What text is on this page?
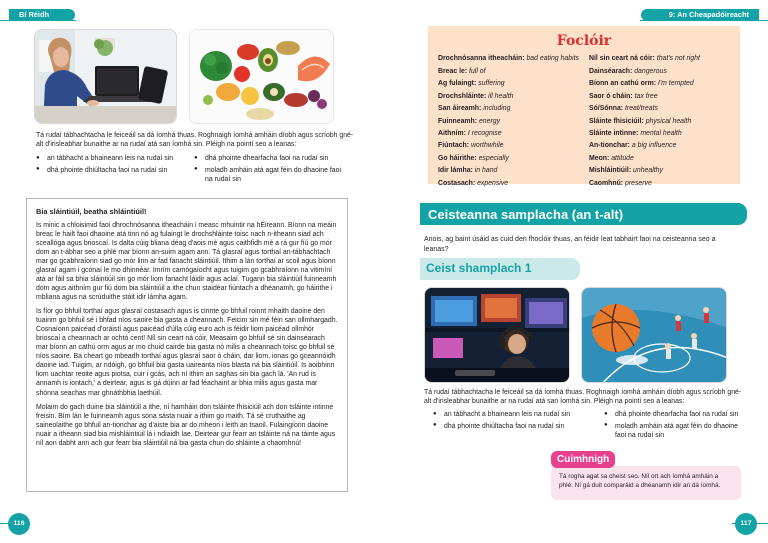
Bí Réidh	9: An Cheapadóireacht
Tá rudaí tábhachtacha le feiceáil sa dá íomhá thuas. Roghnaigh íomhá amháin díobh agus scríobh gné-alt d'irisleabhar bunaithe ar na rudaí atá san íomhá sin. Pléigh na pointí seo a leanas:
● an tábhacht a bhaineann leis na rudaí sin
● dhá phointe dhiúltacha faoi na rudaí sin
● dhá phointe dhearfacha faoi na rudaí sin
● moladh amháin atá agat féin do dhaoine faoi na rudaí sin
Bia sláintiúil, beatha shláintiúil!

Is minic a chloisimid faoi dhrochnósanna itheacháin i measc mhuintir na hÉireann. Bíonn na meáin breac le hailt faoi dhaoine atá tinn nó ag fulaingt le drochshláinte toisc nach n-itheann siad ach sceallóga agus brioscaí. Is dalta cúig bliana déag d'aois mé agus caithfidh mé a rá gur fíú go mór dom an t-ábhar seo a phlé mar bíonn an-suim agam ann. Tá glasraí agus torthaí an-tábhachtach mar go gcabhraíonn siad go mór linn ar fad fanacht sláintiúil. Ithim a lán torthaí ar scoil agus bíonn glasraí agam i gcónaí le mo dhinnéar. Imrím camógaíocht agus tuigim go gcabhraíonn na vitimíní atá ar fáil sa bhia sláintiúil sin go mór liom fanacht láidir agus aclaí. Tugann bia sláintiúil fuinneamh dom agus aithním gur fiú dom bia sláintiúil a ithe chun staidéar fiúntach a dhéanamh, go háirithe i mbliana agus na scrúduithe stáit idir lámha agam.

Is fíor go bhfuil torthaí agus glasraí costasach agus is cinnte go bhfuil roinnt mhaith daoine den tuairim go bhfuil sé i bhfad níos saoire bia gasta a cheannach. Feicim sin mé féin san ollmhargadh. Cosnaíonn paicéad d'oráistí agus paicéad d'úlla cúig euro ach is féidir liom paicéad ollmhór brioscaí a cheannach ar ochtó cent! Níl sin ceart ná cóir. Measaim go bhfuil sé sin dainséarach mar bíonn an cathú orm agus ar mo chuid cairde bia gasta nó milis a cheannach toisc go bhfuil sé níos saoire. Ba cheart go mbeadh torthaí agus glasraí saor ó cháin, dar liom, ionas go gceannóidh daoine iad. Tuigim, ar ndóigh, go bhfuil bia gasta uaireanta níos blasta ná bia sláintiúil. Is aoibhinn liom uachtar reoite agus piotsa, cuir i gcás, ach ní ithim an saghas sin bia gach lá. 'An rud is annamh is iontach,' a deirtear, agus is gá dúinn ar fad féachaint ar bhia milis agus gasta mar shónna seachas mar ghnáthbhia laethúil.

Molaim do gach duine bia sláintiúil a ithe, ní hamháin don tsláinte fhisiciúil ach don tsláinte intinne freisin. Bím lán le fuinneamh agus sona sásta nuair a ithim go maith. Tá sé cruthaithe ag saineolaithe go bhfuil an-tionchar ag d'aiste bia ar do mheon i leith an tsaoil. Fulaingíonn daoine nuair a itheann siad bia mishláintiúil lá i ndiaidh lae. Deirtear gur fearr an tsláinte ná na táinte agus níl aon dabht ann ach gur fearr bia sláintiúil ná bia gasta chun do shláinte a chaomhnú!

116	117
Foclóir
Drochnósanna itheacháin: bad eating habits
Breac le: full of
Ag fulaingt: suffering
Drochshláinte: ill health
San áireamh: including
Fuinneamh: energy
Aithním: I recognise
Fiúntach: worthwhile
Go háirithe: especially
Idir lámha: in hand
Costasach: expensive
Níl sin ceart ná cóir: that's not right
Dainséarach: dangerous
Bíonn an cathú orm: I'm tempted
Saor ó cháin: tax free
Só/Sónna: treat/treats
Sláinte fhisiciúil: physical health
Sláinte intinne: mental health
An-tionchar: a big influence
Meon: attitude
Mishláintiúil: unhealthy
Caomhnú: preserve
Ceisteanna samplacha (an t-alt)
Anois, ag baint úsáid as cuid den fhoclóir thuas, an féidir leat tabhairt faoi na ceisteanna seo a leanas?
Ceist shamplach 1
Tá rudaí tábhachtacha le feiceáil sa dá íomhá thuas. Roghnaigh íomhá amháin díobh agus scríobh gné-alt d'irisleabhar bunaithe ar na rudaí atá san íomhá sin. Pléigh na pointí seo a leanas:
● an tábhacht a bhaineann leis na rudaí sin
● dhá phointe dhiúltacha faoi na rudaí sin
● dhá phointe dhearfacha faoi na rudaí sin
● moladh amháin atá agat féin do dhaoine faoi na rudaí sin
Tá rogha agat sa cheist seo. Níl ort ach íomhá amháin a phlé. Ní gá duit comparáid a dhéanamh idir an dá íomhá.
Cuimhnigh
